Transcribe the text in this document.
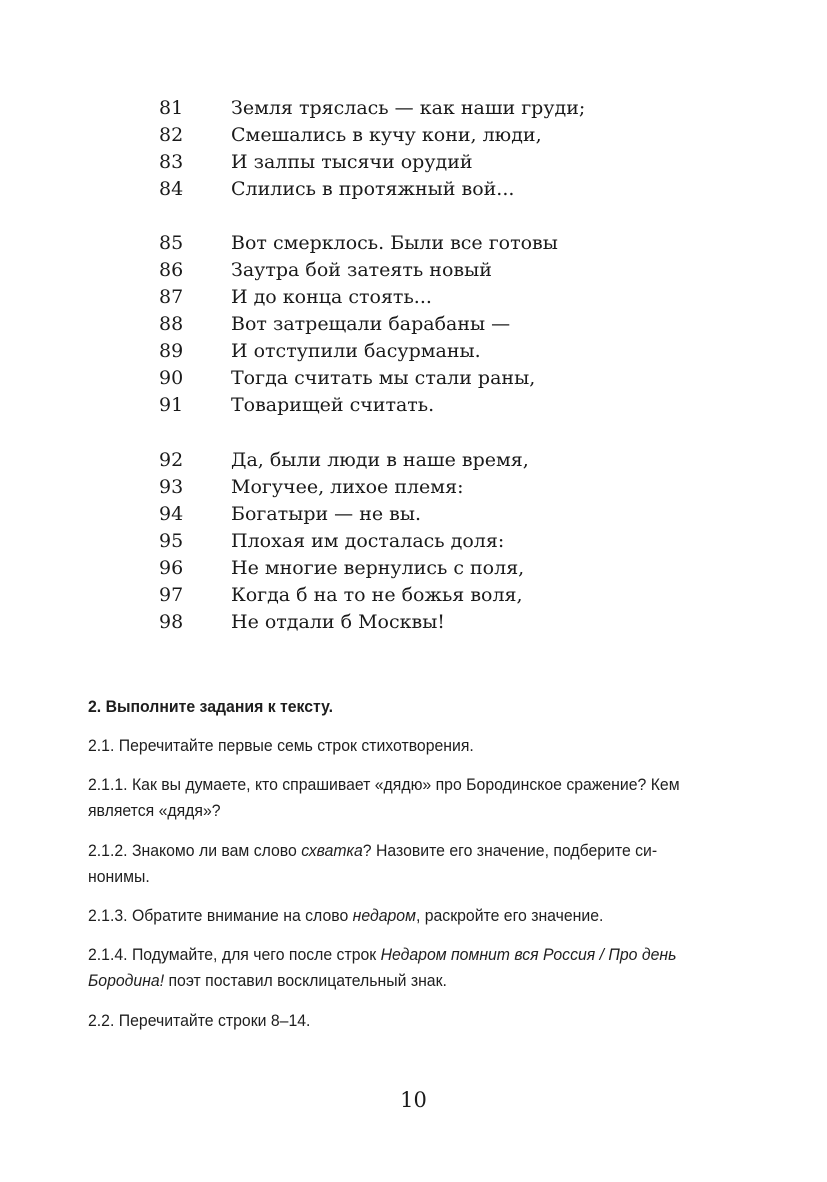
81	Земля тряслась — как наши груди;
82	Смешались в кучу кони, люди,
83	И залпы тысячи орудий
84	Слились в протяжный вой...
85	Вот смерклось. Были все готовы
86	Заутра бой затеять новый
87	И до конца стоять...
88	Вот затрещали барабаны —
89	И отступили басурманы.
90	Тогда считать мы стали раны,
91	Товарищей считать.
92	Да, были люди в наше время,
93	Могучее, лихое племя:
94	Богатыри — не вы.
95	Плохая им досталась доля:
96	Не многие вернулись с поля,
97	Когда б на то не божья воля,
98	Не отдали б Москвы!
2. Выполните задания к тексту.
2.1. Перечитайте первые семь строк стихотворения.
2.1.1. Как вы думаете, кто спрашивает «дядю» про Бородинское сражение? Кем
является «дядя»?
2.1.2. Знакомо ли вам слово схватка? Назовите его значение, подберите си-
нонимы.
2.1.3. Обратите внимание на слово недаром, раскройте его значение.
2.1.4. Подумайте, для чего после строк Недаром помнит вся Россия / Про день
Бородина! поэт поставил восклицательный знак.
2.2. Перечитайте строки 8–14.
10
